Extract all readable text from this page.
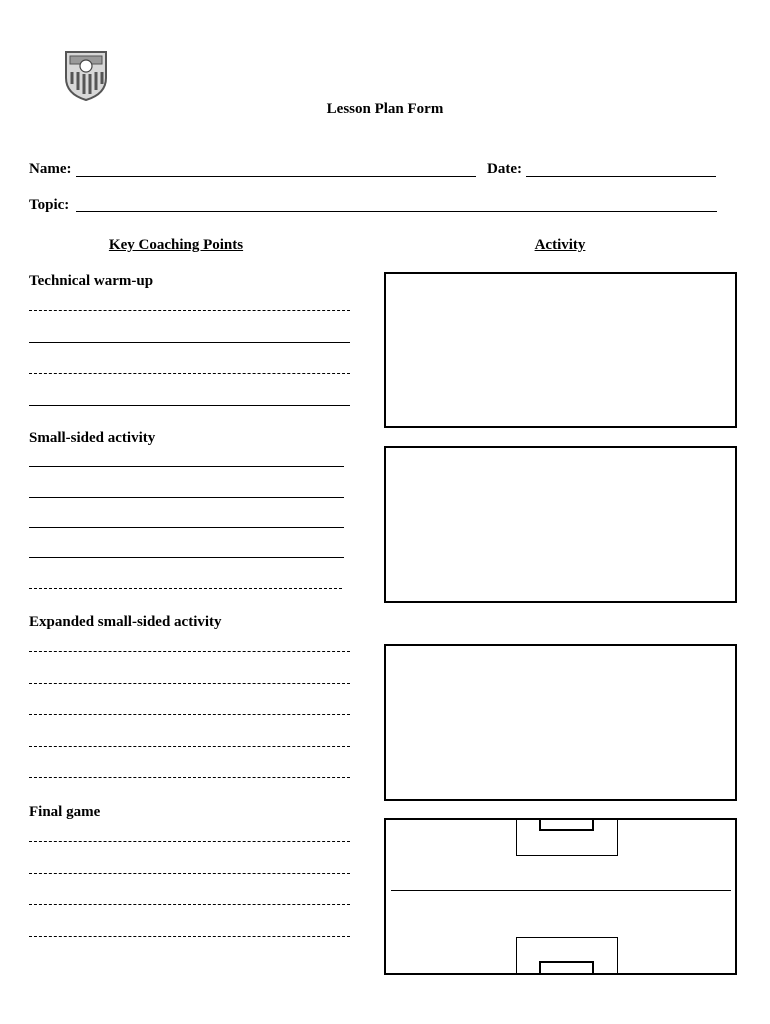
Lesson Plan Form
Name:	Date:
Topic:
Key Coaching Points	Activity
Technical warm-up
Small-sided activity
Expanded small-sided activity
Final game
